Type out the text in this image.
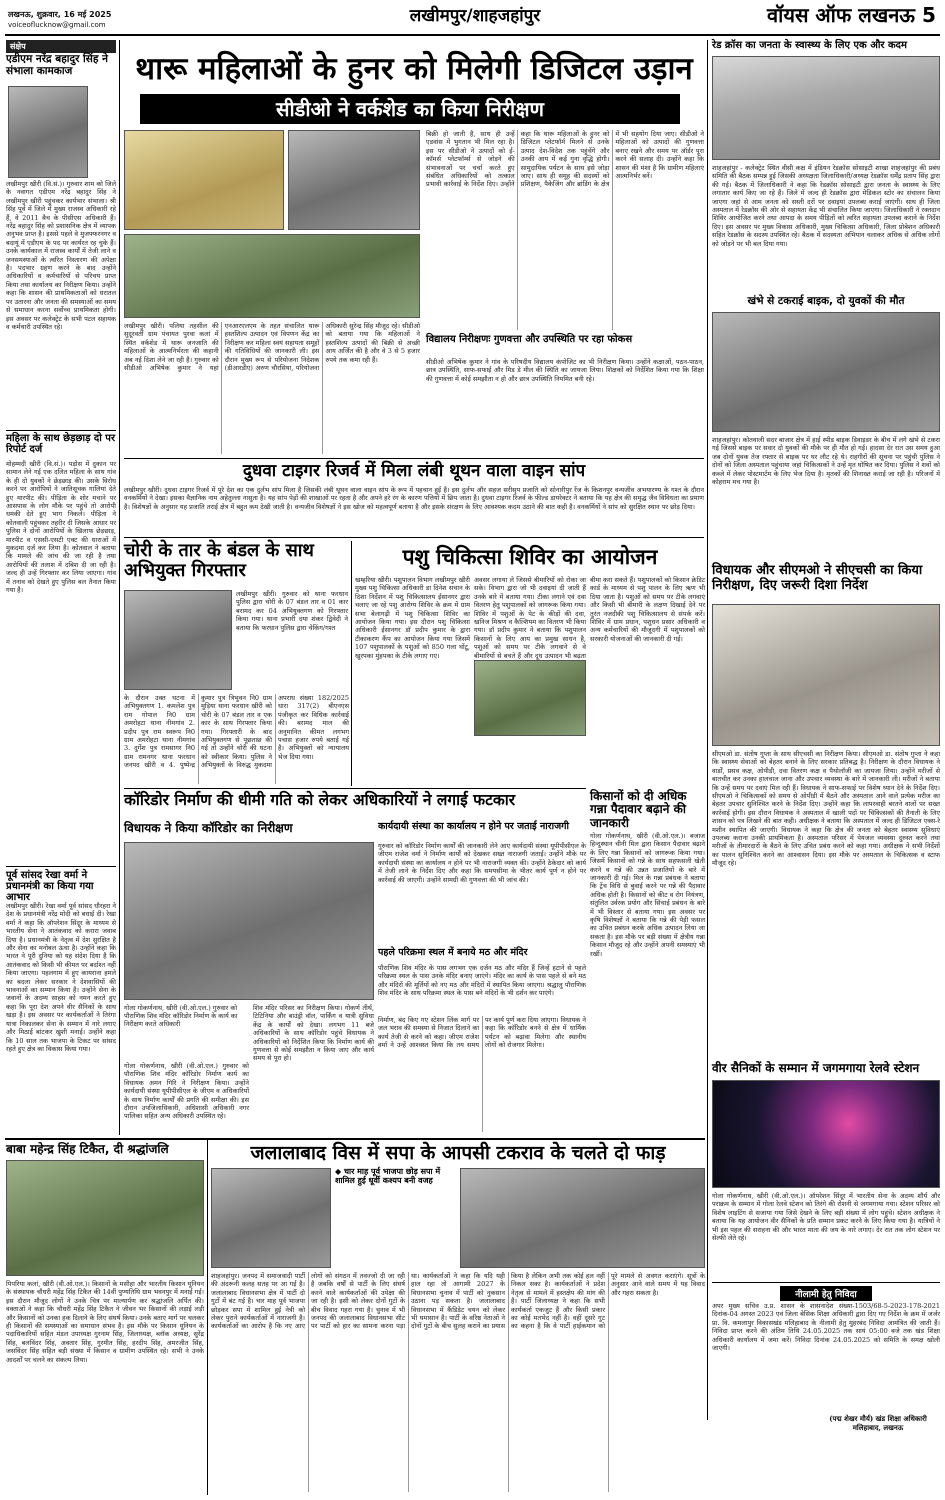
लखनऊ, शुक्रवार, 16 मई 2025
voiceoflucknow@gmail.com	लखीमपुर/शाहजहांपुर	वॉयस ऑफ लखनऊ 5
संक्षेप
एडीएम नरेंद्र बहादुर सिंह ने संभाला कामकाज
लखीमपुर खीरी (वि.सं.)। गुरुवार शाम को जिले के नवागत एडीएम नरेंद्र बहादुर सिंह ने लखीमपुर खीरी पहुंचकर कार्यभार संभाला। श्री सिंह पूर्व में जिले में मुख्य राजस्व अधिकारी रहे हैं, वे 2011 बैच के पीसीएस अधिकारी हैं। नरेंद्र बहादुर सिंह को प्रशासनिक क्षेत्र में व्यापक अनुभव प्राप्त है। इससे पहले वे मुजफ्फरनगर व बदायूं में एडीएम के पद पर कार्यरत रह चुके हैं। उनके कार्यकाल में राजस्व कार्यों में तेजी लाने व जनसमस्याओं के त्वरित निस्तारण की अपेक्षा है। पदभार ग्रहण करने के बाद उन्होंने अधिकारियों व कर्मचारियों से परिचय प्राप्त किया तथा कार्यालय का निरीक्षण किया। उन्होंने कहा कि शासन की प्राथमिकताओं को धरातल पर उतारना और जनता की समस्याओं का समय से समाधान करना सर्वोच्च प्राथमिकता होगी। इस अवसर पर कलेक्ट्रेट के सभी पटल सहायक व कर्मचारी उपस्थित रहे।
महिला के साथ छेड़छाड़ दो पर रिपोर्ट दर्ज
मोहम्मदी खीरी (वि.सं.)। पड़ोस में दुकान पर सामान लेने गई एक दलित महिला के साथ गांव के ही दो युवकों ने छेड़छाड़ की। उसके विरोध करने पर आरोपियों ने जातिसूचक गालियां देते हुए मारपीट की। पीड़िता के शोर मचाने पर आसपास के लोग मौके पर पहुंचे तो आरोपी धमकी देते हुए भाग निकले। पीड़िता ने कोतवाली पहुंचकर तहरीर दी जिसके आधार पर पुलिस ने दोनों आरोपियों के खिलाफ छेड़छाड़, मारपीट व एससी-एसटी एक्ट की धाराओं में मुकदमा दर्ज कर लिया है। कोतवाल ने बताया कि मामले की जांच की जा रही है तथा आरोपियों की तलाश में दबिश दी जा रही है। जल्द ही उन्हें गिरफ्तार कर लिया जाएगा। गांव में तनाव को देखते हुए पुलिस बल तैनात किया गया है।
पूर्व सांसद रेखा वर्मा ने प्रधानमंत्री का किया गया आभार
लखीमपुर खीरी। रेखा वर्मा पूर्व सांसद धौरहरा ने देश के प्रधानमंत्री नरेंद्र मोदी को बधाई दी। रेखा वर्मा ने कहा कि ऑपरेशन सिंदूर के माध्यम से भारतीय सेना ने आतंकवाद को करारा जवाब दिया है। प्रधानमंत्री के नेतृत्व में देश सुरक्षित है और सेना का मनोबल ऊंचा है। उन्होंने कहा कि भारत ने पूरी दुनिया को यह संदेश दिया है कि आतंकवाद को किसी भी कीमत पर बर्दाश्त नहीं किया जाएगा। पहलगाम में हुए कायराना हमले का बदला लेकर सरकार ने देशवासियों की भावनाओं का सम्मान किया है। उन्होंने सेना के जवानों के अदम्य साहस को नमन करते हुए कहा कि पूरा देश अपने वीर सैनिकों के साथ खड़ा है। इस अवसर पर कार्यकर्ताओं ने तिरंगा यात्रा निकालकर सेना के सम्मान में नारे लगाए और मिठाई बांटकर खुशी मनाई। उन्होंने कहा कि 10 साल तक भाजपा के टिकट पर सांसद रहते हुए क्षेत्र का विकास किया गया।
थारू महिलाओं के हुनर को मिलेगी डिजिटल उड़ान
सीडीओ ने वर्कशेड का किया निरीक्षण
लखीमपुर खीरी। पलिया तहसील की सुदूरवर्ती ग्राम पंचायत पुरवा कलां में स्थित वर्कशेड में थारू जनजाति की महिलाओं के आत्मनिर्भरता की कहानी अब नई दिशा लेने जा रही है। गुरुवार को सीडीओ अभिषेक कुमार ने यहां एनआरएलएम के तहत संचालित थारू हस्तशिल्प उत्पादन एवं विपणन केंद्र का निरीक्षण कर महिला स्वयं सहायता समूहों की गतिविधियों की जानकारी ली। इस दौरान मुख्य रूप से परियोजना निदेशक (डीआरडीए) अरुण चौरसिया, परियोजना अधिकारी सुरेन्द्र सिंह मौजूद रहे। सीडीओ को बताया गया कि महिलाओं ने हस्तशिल्प उत्पादों की बिक्री से अच्छी आय अर्जित की है और वे 3 से 5 हजार रुपये तक कमा रही हैं।
बिक्री हो जाती है, साथ ही उन्हें एडवांस में भुगतान भी मिल रहा है। इस पर सीडीओ ने उत्पादों को ई-कॉमर्स प्लेटफॉर्म्स से जोड़ने की संभावनाओं पर चर्चा करते हुए संबंधित अधिकारियों को तत्काल प्रभावी कार्रवाई के निर्देश दिए। उन्होंने कहा कि थारू महिलाओं के हुनर को डिजिटल प्लेटफॉर्म मिलने से उनके उत्पाद देश-विदेश तक पहुंचेंगे और उनकी आय में कई गुना वृद्धि होगी। सामुदायिक पर्यटन के साथ इसे जोड़ा जाए। साथ ही समूह की सदस्यों को प्रशिक्षण, पैकेजिंग और ब्रांडिंग के क्षेत्र में भी सहयोग दिया जाए। सीडीओ ने महिलाओं को उत्पादों की गुणवत्ता बनाए रखने और समय पर ऑर्डर पूरा करने की सलाह दी। उन्होंने कहा कि शासन की मंशा है कि ग्रामीण महिलाएं आत्मनिर्भर बनें।
विद्यालय निरीक्षणः गुणवत्ता और उपस्थिति पर रहा फोकस
सीडीओ अभिषेक कुमार ने गांव के परिषदीय विद्यालय कंपोजिट का भी निरीक्षण किया। उन्होंने कक्षाओं, पठन-पाठन, छात्र उपस्थिति, साफ-सफाई और मिड डे मील की स्थिति का जायजा लिया। शिक्षकों को निर्देशित किया गया कि शिक्षा की गुणवत्ता में कोई समझौता न हो और छात्र उपस्थिति नियमित बनी रहे।
दुधवा टाइगर रिजर्व में मिला लंबी थूथन वाला वाइन सांप
लखीमपुर खीरी। दुधवा टाइगर रिजर्व में पूरे देश का एक दुर्लभ सांप मिला है जिसकी लंबी थूथन वाला वाइन सांप के रूप में पहचान हुई है। इस दुर्लभ और सहज सरीसृप प्रजाति को सोनारीपुर रेंज के किशनपुर वन्यजीव अभयारण्य के गश्त के दौरान वनकर्मियों ने देखा। इसका वैज्ञानिक नाम अहेतुल्ला नासुता है। यह सांप पेड़ों की शाखाओं पर रहता है और अपने हरे रंग के कारण पत्तियों में छिप जाता है। दुधवा टाइगर रिजर्व के फील्ड डायरेक्टर ने बताया कि यह क्षेत्र की समृद्ध जैव विविधता का प्रमाण है। विशेषज्ञों के अनुसार यह प्रजाति तराई क्षेत्र में बहुत कम देखी जाती है। वन्यजीव विशेषज्ञों ने इस खोज को महत्वपूर्ण बताया है और इसके संरक्षण के लिए आवश्यक कदम उठाने की बात कही है। वनकर्मियों ने सांप को सुरक्षित स्थान पर छोड़ दिया।
चोरी के तार के बंडल के साथ अभियुक्त गिरफ्तार
लखीमपुर खीरी। गुरुवार को थाना फरधान पुलिस द्वारा चोरी के 07 बंडल तार व 01 कार बरामद कर 04 अभियुक्तगण को गिरफ्तार किया गया। थाना प्रभारी दया शंकर द्विवेदी ने बताया कि फरधान पुलिस द्वारा चेकिंग/गश्त
के दौरान उक्त घटना में अभियुक्तगण 1. कमलेश पुत्र राम गोपाल नि0 ग्राम अमरोहटा थाना नीमगांव 2. प्रदीप पुत्र राम स्वरूप नि0 ग्राम अमरोहटा थाना नीमगांव 3. दुर्गेश पुत्र रामसागर नि0 ग्राम रामनगर थाना फरधान जनपद खीरी व 4. पुष्पेन्द्र कुमार पुत्र त्रिभुवन नि0 ग्राम मुड़िया थाना फरधान खीरी को चोरी के 07 बंडल तार व एक कार के साथ गिरफ्तार किया गया। गिरफ्तारी के बाद अभियुक्तगण से पूछताछ की गई तो उन्होंने चोरी की घटना को स्वीकार किया। पुलिस ने अभियुक्तों के विरुद्ध मुकदमा अपराध संख्या 182/2025 धारा 317(2) बीएनएस पंजीकृत कर विधिक कार्रवाई की। बरामद माल की अनुमानित कीमत लगभग पचास हजार रुपये बताई गई है। अभियुक्तों को न्यायालय भेज दिया गया।
पशु चिकित्सा शिविर का आयोजन
खम्हरिया खीरी। पशुपालन विभाग लखीमपुर खीरी मुख्य पशु चिकित्सा अधिकारी डा दिनेश सचान के दिशा निर्देशन में पशु चिकित्सालय ईसानगर द्वारा चलाए जा रहे पशु आरोग्य शिविर के क्रम में ग्राम सभा बेलागढ़ी में पशु चिकित्सा शिविर का आयोजन किया गया। इस दौरान पशु चिकित्सा अधिकारी ईसानगर डॉ प्रदीप कुमार के द्वारा टीकाकरण कैंप का आयोजन किया गया जिसमें 107 पशुपालकों के पशुओं को 850 गला घोंटू, खुरपका मुंहपका के टीके लगाए गए।
अवसर लगाया ले जिससे बीमारियों को रोका जा सके। विभाग द्वारा जो भी दवाइयां दी जाती हैं उनके बारे में बताया गया। टीका लगाने एवं दवा वितरण हेतु पशुपालकों को जागरूक किया गया। शिविर में पशुओं के पेट के कीड़ों की दवा, खनिज मिश्रण व कैल्शियम का वितरण भी किया गया। डॉ प्रदीप कुमार ने बताया कि पशुपालन किसानों के लिए आय का प्रमुख साधन है, पशुओं को समय पर टीके लगवाने से वे बीमारियों से बचते हैं और दूध उत्पादन भी बढ़ता
बीमा करा सकते हैं। पशुपालकों को किसान क्रेडिट कार्ड के माध्यम से पशु पालन के लिए ऋण भी दिया जाता है। पशुओं को समय पर टीके लगवाएं और किसी भी बीमारी के लक्षण दिखाई देने पर तुरंत नजदीकी पशु चिकित्सालय से संपर्क करें। शिविर में ग्राम प्रधान, पशुधन प्रसार अधिकारी व अन्य कर्मचारियों की मौजूदगी में पशुपालकों को सरकारी योजनाओं की जानकारी दी गई।
किसानों को दी अधिक गन्ना पैदावार बढ़ाने की जानकारी
गोला गोकर्णनाथ, खीरी (वी.ओ.एल.)। बजाज हिन्दुस्थान चीनी मिल द्वारा किसान पैदावार बढ़ाने के लिए गन्ना किसानों को जागरूक किया गया। जिसमें किसानों को गन्ने के साथ सहफसली खेती करने व गन्ने की उन्नत प्रजातियों के बारे में जानकारी दी गई। मिल के गन्ना प्रबंधक ने बताया कि ट्रेंच विधि से बुवाई करने पर गन्ने की पैदावार अधिक होती है। किसानों को कीट व रोग नियंत्रण, संतुलित उर्वरक प्रयोग और सिंचाई प्रबंधन के बारे में भी विस्तार से बताया गया। इस अवसर पर कृषि विशेषज्ञों ने बताया कि गन्ने की पेड़ी फसल का उचित प्रबंधन करके अधिक उत्पादन लिया जा सकता है। इस मौके पर बड़ी संख्या में क्षेत्रीय गन्ना किसान मौजूद रहे और उन्होंने अपनी समस्याएं भी रखीं।
कॉरिडोर निर्माण की धीमी गति को लेकर अधिकारियों ने लगाई फटकार
विधायक ने किया कॉरिडोर का निरीक्षण	कार्यदायी संस्था का कार्यालय न होने पर जताई नाराजगी
गुरुवार को कॉरिडोर निर्माण कार्यों की जानकारी लेने आए कार्यदायी संस्था यूपीपीसीएल के जीएम राजेश वर्मा ने निर्माण कार्यों को देखकर सख्त नाराजगी जताई। उन्होंने मौके पर कार्यदायी संस्था का कार्यालय न होने पर भी नाराजगी व्यक्त की। उन्होंने ठेकेदार को कार्य में तेजी लाने के निर्देश दिए और कहा कि समयसीमा के भीतर कार्य पूर्ण न होने पर कार्रवाई की जाएगी। उन्होंने सामग्री की गुणवत्ता की भी जांच की।
पहले परिक्रमा स्थल में बनाये मठ और मंदिर
पौराणिक शिव मंदिर के पास लगभग एक दर्जन मठ और मंदिर हैं जिन्हें हटाने से पहले परिक्रमा स्थल के पास उनके मंदिर बनाए जाएंगे। मंदिर का कार्य के पास पहले से बने मठ और मंदिरों की मूर्तियों को नए मठ और मंदिरों में स्थापित किया जाएगा। श्रद्धालु पौराणिक शिव मंदिर के साथ परिक्रमा स्थल के पास बने मंदिरों के भी दर्शन कर पाएंगे।
गोला गोकर्णनाथ, खीरी (वी.ओ.एल.) गुरुवार को पौराणिक शिव मंदिर कॉरिडोर निर्माण के कार्य का निरीक्षण करते अधिकारी
गोला गोकर्णनाथ, खीरी (वी.ओ.एल.) गुरुवार को पौराणिक शिव मंदिर कॉरिडोर निर्माण कार्य का विधायक अमन गिरि ने निरीक्षण किया। उन्होंने कार्यदायी संस्था यूपीपीसीएल के जीएम व अधिकारियों के साथ निर्माण कार्यों की प्रगति की समीक्षा की। इस दौरान उपजिलाधिकारी, अधिशासी अधिकारी नगर पालिका सहित अन्य अधिकारी उपस्थित रहे।
शिव मंदिर परिसर का निरीक्षण किया। गोकर्ण तीर्थ, टिटिनिया और बाउंड्री वॉल, पार्किंग व यात्री सुविधा केंद्र के कार्यों को देखा। लगभग 11 बजे अधिकारियों के साथ कॉरिडोर पहुंचे विधायक ने अधिकारियों को निर्देशित किया कि निर्माण कार्य की गुणवत्ता से कोई समझौता न किया जाए और कार्य समय से पूरा हो।
निर्माण, बंद किए गए स्टेशन लिंक मार्ग पर जल भराव की समस्या से निजात दिलाने का कार्य तेजी से करने को कहा। जीएम राजेश वर्मा ने उन्हें आश्वस्त किया कि तय समय पर कार्य पूर्ण करा दिया जाएगा। विधायक ने कहा कि कॉरिडोर बनने से क्षेत्र में धार्मिक पर्यटन को बढ़ावा मिलेगा और स्थानीय लोगों को रोजगार मिलेगा।
रेड क्रॉस का जनता के स्वास्थ्य के लिए एक और कदम
शाहजहांपुर - कलेक्ट्रेट स्थित वीसी कक्ष में इंडियन रेडक्रॉस सोसाइटी शाखा शाहजहांपुर की प्रबंध समिति की बैठक सम्पन्न हुई जिसकी अध्यक्षता जिलाधिकारी/अध्यक्ष रेडक्रॉस धर्मेंद्र प्रताप सिंह द्वारा की गई। बैठक में जिलाधिकारी ने कहा कि रेडक्रॉस सोसाइटी द्वारा जनता के स्वास्थ्य के लिए लगातार कार्य किए जा रहे हैं। जिले में जल्द ही रेडक्रॉस द्वारा मेडिकल स्टोर का संचालन किया जाएगा जहां से आम जनता को सस्ती दरों पर दवाइयां उपलब्ध कराई जाएंगी। साथ ही जिला अस्पताल में रेडक्रॉस की ओर से सहायता केंद्र भी संचालित किया जाएगा। जिलाधिकारी ने रक्तदान शिविर आयोजित करने तथा आपदा के समय पीड़ितों को त्वरित सहायता उपलब्ध कराने के निर्देश दिए। इस अवसर पर मुख्य विकास अधिकारी, मुख्य चिकित्सा अधिकारी, जिला प्रोबेशन अधिकारी सहित रेडक्रॉस के सदस्य उपस्थित रहे। बैठक में सदस्यता अभियान चलाकर अधिक से अधिक लोगों को जोड़ने पर भी बल दिया गया।
खंभे से टकराई बाइक, दो युवकों की मौत
शाहजहांपुर। कोतवाली सदर बाजार क्षेत्र में हाई स्पीड बाइक डिवाइडर के बीच में लगे खंभे से टकरा गई जिससे बाइक पर सवार दो युवकों की मौके पर ही मौत हो गई। हादसा देर रात उस समय हुआ जब दोनों युवक तेज रफ्तार से बाइक पर घर लौट रहे थे। राहगीरों की सूचना पर पहुंची पुलिस ने दोनों को जिला अस्पताल पहुंचाया जहां चिकित्सकों ने उन्हें मृत घोषित कर दिया। पुलिस ने शवों को कब्जे में लेकर पोस्टमार्टम के लिए भेज दिया है। मृतकों की शिनाख्त कराई जा रही है। परिजनों में कोहराम मच गया है।
विधायक और सीएमओ ने सीएचसी का किया निरीक्षण, दिए जरूरी दिशा निर्देश
सीएमओ डा. संतोष गुप्ता के साथ सीएचसी का निरीक्षण किया। सीएमओ डा. संतोष गुप्ता ने कहा कि स्वास्थ्य सेवाओं को बेहतर बनाने के लिए सरकार प्रतिबद्ध है। निरीक्षण के दौरान विधायक ने वार्डों, प्रसव कक्ष, ओपीडी, दवा वितरण कक्ष व पैथोलॉजी का जायजा लिया। उन्होंने मरीजों से बातचीत कर उनका हालचाल जाना और उपचार व्यवस्था के बारे में जानकारी ली। मरीजों ने बताया कि उन्हें समय पर दवाएं मिल रही हैं। विधायक ने साफ-सफाई पर विशेष ध्यान देने के निर्देश दिए। सीएमओ ने चिकित्सकों को समय से ओपीडी में बैठने और अस्पताल आने वाले प्रत्येक मरीज का बेहतर उपचार सुनिश्चित करने के निर्देश दिए। उन्होंने कहा कि लापरवाही बरतने वालों पर सख्त कार्रवाई होगी। इस दौरान विधायक ने अस्पताल में खाली पदों पर चिकित्सकों की तैनाती के लिए शासन को पत्र लिखने की बात कही। अधीक्षक ने बताया कि अस्पताल में जल्द ही डिजिटल एक्स-रे मशीन स्थापित की जाएगी। विधायक ने कहा कि क्षेत्र की जनता को बेहतर स्वास्थ्य सुविधाएं उपलब्ध कराना उनकी प्राथमिकता है। अस्पताल परिसर में पेयजल व्यवस्था दुरुस्त करने तथा मरीजों के तीमारदारों के बैठने के लिए उचित प्रबंध करने को कहा गया। अधीक्षक ने सभी निर्देशों का पालन सुनिश्चित करने का आश्वासन दिया। इस मौके पर अस्पताल के चिकित्सक व स्टाफ मौजूद रहे।
वीर सैनिकों के सम्मान में जगमगाया रेलवे स्टेशन
गोला गोकर्णनाथ, खीरी (वी.ओ.एल.)। ऑपरेशन सिंदूर में भारतीय सेना के अदम्य शौर्य और पराक्रम के सम्मान में गोला रेलवे स्टेशन को तिरंगे की रोशनी से जगमगाया गया। स्टेशन परिसर को विशेष लाइटिंग से सजाया गया जिसे देखने के लिए बड़ी संख्या में लोग पहुंचे। स्टेशन अधीक्षक ने बताया कि यह आयोजन वीर सैनिकों के प्रति सम्मान प्रकट करने के लिए किया गया है। यात्रियों ने भी इस पहल की सराहना की और भारत माता की जय के नारे लगाए। देर रात तक लोग स्टेशन पर सेल्फी लेते रहे।
नीलामी हेतु निविदा
अपर मुख्य सचिव उ.प्र. शासन के शासनादेश संख्या-1503/68-5-2023-178-2021 दिनांक-04 अगस्त 2023 एवं जिला बेसिक शिक्षा अधिकारी द्वारा दिए गए निर्देश के क्रम में जर्जर प्रा. वि. कमलापुर विकासखंड मलिहाबाद के नीलामी हेतु मुहरबंद निविदा आमंत्रित की जाती हैं। निविदा प्राप्त करने की अंतिम तिथि 24.05.2025 तक सायं 05:00 बजे तक खंड शिक्षा अधिकारी कार्यालय में जमा करें। निविदा दिनांक 24.05.2025 को समिति के समक्ष खोली जाएगी।
(पद्म शेखर मौर्य) खंड शिक्षा अधिकारी मलिहाबाद, लखनऊ
बाबा महेन्द्र सिंह टिकैत, दी श्रद्धांजलि
पिपरिया कलां, खीरी (वी.ओ.एल.)। किसानों के मसीहा और भारतीय किसान यूनियन के संस्थापक चौधरी महेंद्र सिंह टिकैत की 14वीं पुण्यतिथि ग्राम भवनपुर में मनाई गई। इस दौरान मौजूद लोगों ने उनके चित्र पर माल्यार्पण कर श्रद्धांजलि अर्पित की। वक्ताओं ने कहा कि चौधरी महेंद्र सिंह टिकैत ने जीवन भर किसानों की लड़ाई लड़ी और किसानों को उनका हक दिलाने के लिए संघर्ष किया। उनके बताए मार्ग पर चलकर ही किसानों की समस्याओं का समाधान संभव है। इस मौके पर किसान यूनियन के पदाधिकारियों सहित मंडल उपाध्यक्ष गुरनाम सिंह, जिलाध्यक्ष, ब्लॉक अध्यक्ष, सुरेंद्र सिंह, बलविंदर सिंह, अवतार सिंह, गुरमीत सिंह, हरदीप सिंह, अमरजीत सिंह, जसविंदर सिंह सहित बड़ी संख्या में किसान व ग्रामीण उपस्थित रहे। सभी ने उनके आदर्शों पर चलने का संकल्प लिया।
जलालाबाद विस में सपा के आपसी टकराव के चलते दो फाड़
◆ चार माह पूर्व भाजपा छोड़ सपा में शामिल हुई धूर्वी कश्यप बनी वजह
शाहजहांपुर। जनपद में समाजवादी पार्टी की अंदरूनी कलह सतह पर आ गई है। जलालाबाद विधानसभा क्षेत्र में पार्टी दो गुटों में बंट गई है। चार माह पूर्व भाजपा छोड़कर सपा में शामिल हुई नेत्री को लेकर पुराने कार्यकर्ताओं में नाराजगी है। कार्यकर्ताओं का आरोप है कि नए आए लोगों को संगठन में तवज्जो दी जा रही है जबकि वर्षों से पार्टी के लिए संघर्ष करने वाले कार्यकर्ताओं की उपेक्षा की जा रही है। इसी को लेकर दोनों गुटों के बीच विवाद गहरा गया है। चुनाव में भी जनपद की जलालाबाद विधानसभा सीट पर पार्टी को हार का सामना करना पड़ा था। कार्यकर्ताओं ने कहा कि यदि यही हाल रहा तो आगामी 2027 के विधानसभा चुनाव में पार्टी को नुकसान उठाना पड़ सकता है। जलालाबाद विधानसभा में कैंडिडेट चयन को लेकर भी घमासान है। पार्टी के वरिष्ठ नेताओं ने दोनों गुटों के बीच सुलह कराने का प्रयास किया है लेकिन अभी तक कोई हल नहीं निकल सका है। कार्यकर्ताओं ने प्रदेश नेतृत्व से मामले में हस्तक्षेप की मांग की है। पार्टी जिलाध्यक्ष ने कहा कि सभी कार्यकर्ता एकजुट हैं और किसी प्रकार का कोई मतभेद नहीं है। वहीं दूसरे गुट का कहना है कि वे पार्टी हाईकमान को पूरे मामले से अवगत कराएंगे। सूत्रों के अनुसार आने वाले समय में यह विवाद और गहरा सकता है।
